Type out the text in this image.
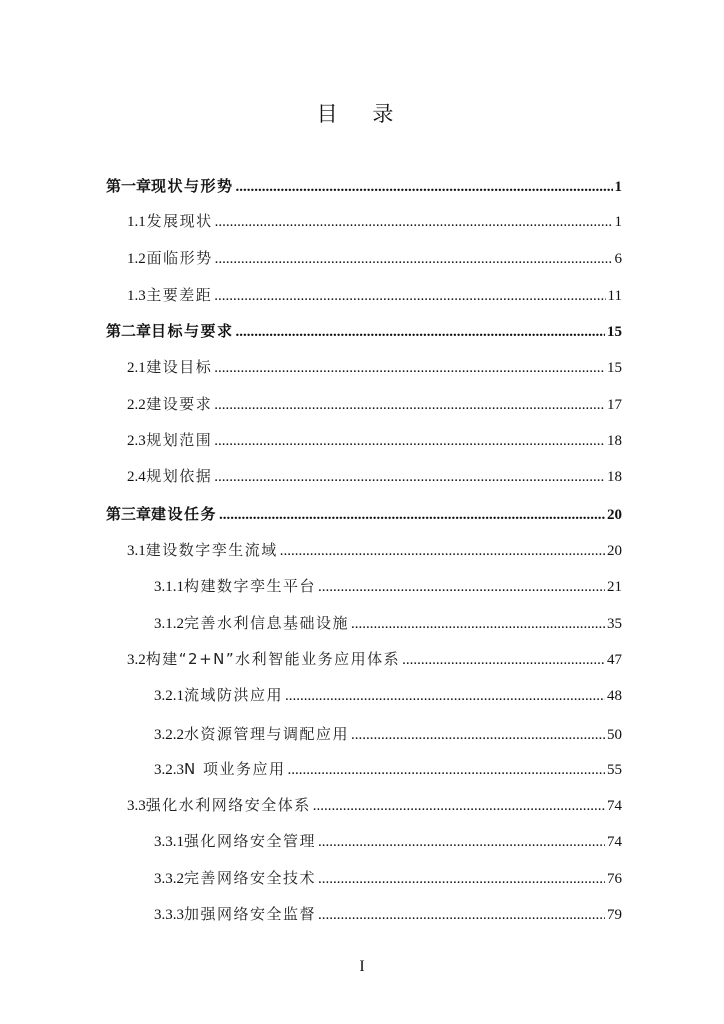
目 录
第一章 现状与形势 .....	1
1.1 发展现状 .....	1
1.2 面临形势 .....	6
1.3 主要差距 .....	11
第二章 目标与要求 .....	15
2.1 建设目标 .....	15
2.2 建设要求 .....	17
2.3 规划范围 .....	18
2.4 规划依据 .....	18
第三章 建设任务 .....	20
3.1 建设数字孪生流域 .....	20
3.1.1 构建数字孪生平台 .....	21
3.1.2 完善水利信息基础设施 .....	35
3.2 构建“2+N”水利智能业务应用体系 .....	47
3.2.1 流域防洪应用 .....	48
3.2.2 水资源管理与调配应用 .....	50
3.2.3 N 项业务应用 .....	55
3.3 强化水利网络安全体系 .....	74
3.3.1 强化网络安全管理 .....	74
3.3.2 完善网络安全技术 .....	76
3.3.3 加强网络安全监督 .....	79
I
